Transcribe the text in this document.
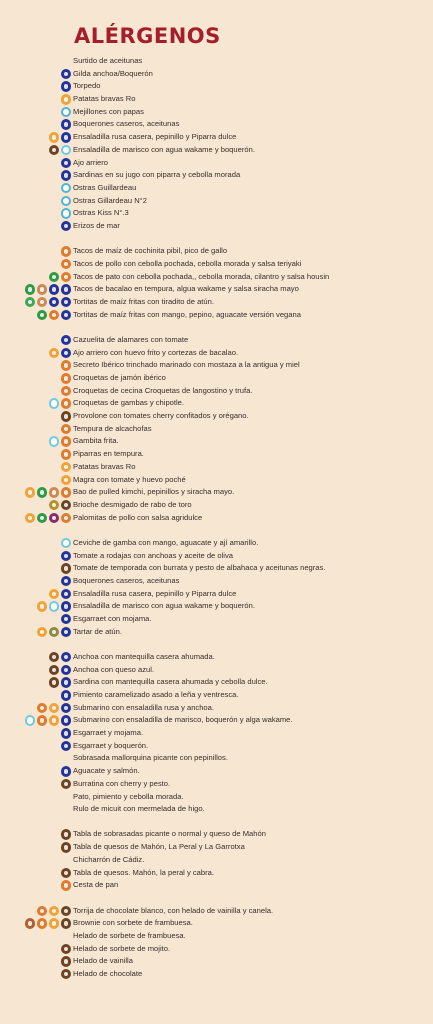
ALÉRGENOS
Surtido de aceitunas
Gilda anchoa/Boquerón
Torpedo
Patatas bravas Ro
Mejillones con papas
Boquerones caseros, aceitunas
Ensaladilla rusa casera, pepinillo y Piparra dulce
Ensaladilla de marisco con agua wakame y boquerón.
Ajo arriero
Sardinas en su jugo con piparra y cebolla morada
Ostras Guillardeau
Ostras Gillardeau N°2
Ostras Kiss N°.3
Erizos de mar
Tacos de maíz de cochinita pibil, pico de gallo
Tacos de pollo con cebolla pochada, cebolla morada y salsa teriyaki
Tacos de pato con cebolla pochada,, cebolla morada, cilantro y salsa housin
Tacos de bacalao en tempura, algua wakame y salsa siracha mayo
Tortitas de maíz fritas con tiradito de atún.
Tortitas de maíz fritas con mango, pepino, aguacate versión vegana
Cazuelita de alamares con tomate
Ajo arriero con huevo frito y cortezas de bacalao.
Secreto Ibérico trinchado marinado con mostaza a la antigua y miel
Croquetas de jamón ibérico
Croquetas de cecina Croquetas de langostino y trufa.
Croquetas de gambas y chipotle.
Provolone con tomates cherry confitados y orégano.
Tempura de alcachofas
Gambita frita.
Piparras en tempura.
Patatas bravas Ro
Magra con tomate y huevo poché
Bao de pulled kimchi, pepinillos y siracha mayo.
Brioche desmigado de rabo de toro
Palomitas de pollo con salsa agridulce
Ceviche de gamba con mango, aguacate y ají amarillo.
Tomate a rodajas con anchoas y aceite de oliva
Tomate de temporada con burrata y pesto de albahaca y aceitunas negras.
Boquerones caseros, aceitunas
Ensaladilla rusa casera, pepinillo y Piparra dulce
Ensaladilla de marisco con agua wakame y boquerón.
Esgarraet con mojama.
Tartar de atún.
Anchoa con mantequilla casera ahumada.
Anchoa con queso azul.
Sardina con mantequilla casera ahumada y cebolla dulce.
Pimiento caramelizado asado a leña y ventresca.
Submarino con ensaladilla rusa y anchoa.
Submarino con ensaladilla de marisco, boquerón y alga wakame.
Esgarraet y mojama.
Esgarraet y boquerón.
Sobrasada mallorquina picante con pepinillos.
Aguacate y salmón.
Burratina con cherry y pesto.
Pato, pimiento y cebolla morada.
Rulo de micuit con mermelada de higo.
Tabla de sobrasadas picante o normal y queso de Mahón
Tabla de quesos de Mahón, La Peral y La Garrotxa
Chicharrón de Cádiz.
Tabla de quesos. Mahón, la peral y cabra.
Cesta de pan
Torrija de chocolate blanco, con helado de vainilla y canela.
Brownie con sorbete de frambuesa.
Helado de sorbete de frambuesa.
Helado de sorbete de mojito.
Helado de vainilla
Helado de chocolate
